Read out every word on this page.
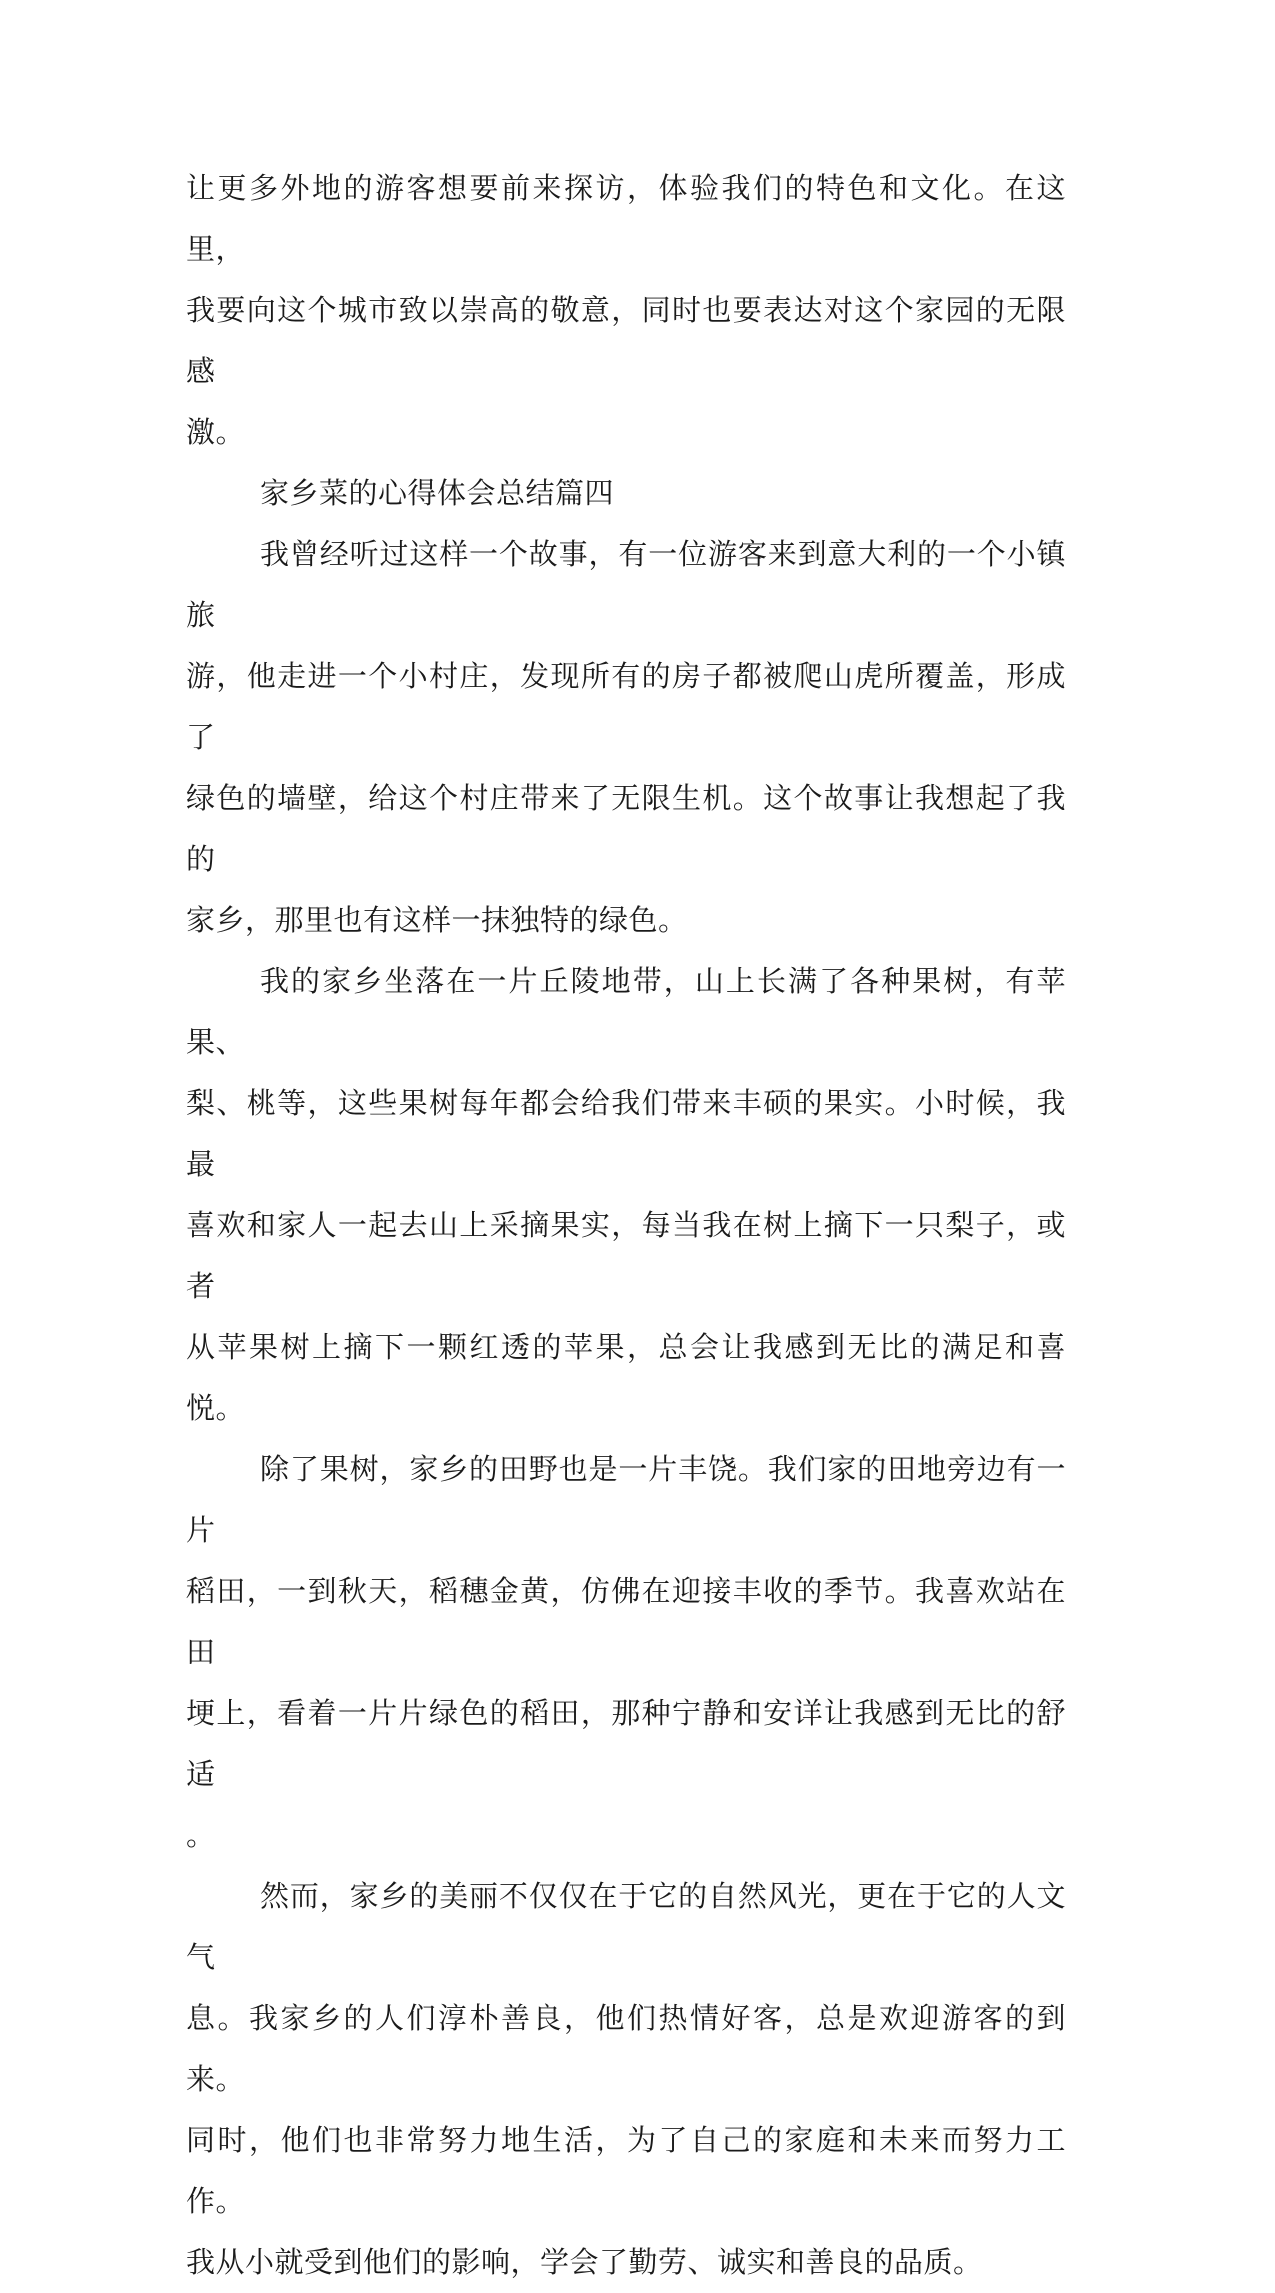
让更多外地的游客想要前来探访，体验我们的特色和文化。在这里，
我要向这个城市致以崇高的敬意，同时也要表达对这个家园的无限感
激。
家乡菜的心得体会总结篇四
我曾经听过这样一个故事，有一位游客来到意大利的一个小镇旅
游，他走进一个小村庄，发现所有的房子都被爬山虎所覆盖，形成了
绿色的墙壁，给这个村庄带来了无限生机。这个故事让我想起了我的
家乡，那里也有这样一抹独特的绿色。
我的家乡坐落在一片丘陵地带，山上长满了各种果树，有苹果、
梨、桃等，这些果树每年都会给我们带来丰硕的果实。小时候，我最
喜欢和家人一起去山上采摘果实，每当我在树上摘下一只梨子，或者
从苹果树上摘下一颗红透的苹果，总会让我感到无比的满足和喜悦。
除了果树，家乡的田野也是一片丰饶。我们家的田地旁边有一片
稻田，一到秋天，稻穗金黄，仿佛在迎接丰收的季节。我喜欢站在田
埂上，看着一片片绿色的稻田，那种宁静和安详让我感到无比的舒适
。
然而，家乡的美丽不仅仅在于它的自然风光，更在于它的人文气
息。我家乡的人们淳朴善良，他们热情好客，总是欢迎游客的到来。
同时，他们也非常努力地生活，为了自己的家庭和未来而努力工作。
我从小就受到他们的影响，学会了勤劳、诚实和善良的品质。
